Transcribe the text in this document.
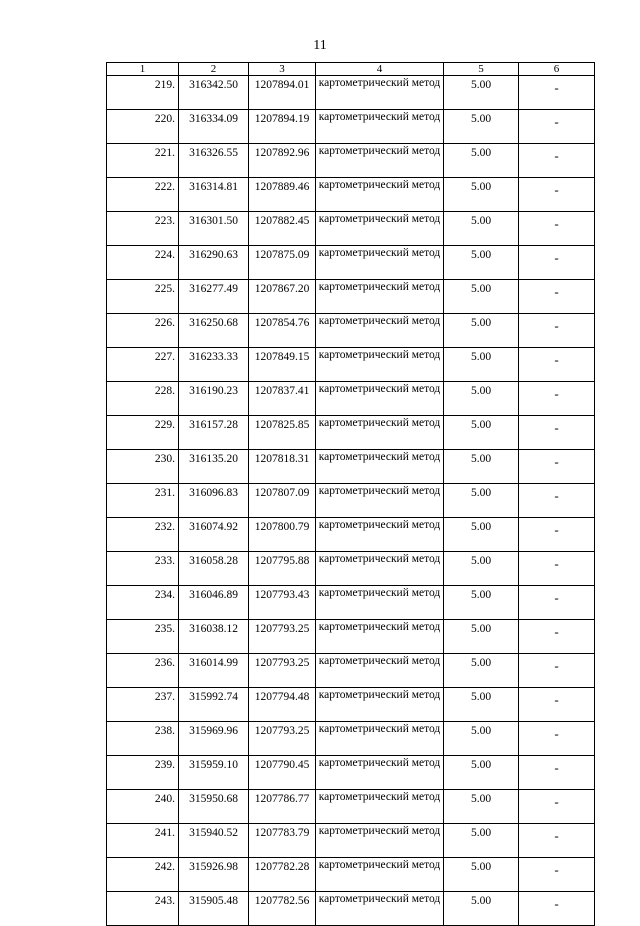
11
1	2	3	4	5	6
219.	316342.50	1207894.01	картометрический метод	5.00	-
220.	316334.09	1207894.19	картометрический метод	5.00	-
221.	316326.55	1207892.96	картометрический метод	5.00	-
222.	316314.81	1207889.46	картометрический метод	5.00	-
223.	316301.50	1207882.45	картометрический метод	5.00	-
224.	316290.63	1207875.09	картометрический метод	5.00	-
225.	316277.49	1207867.20	картометрический метод	5.00	-
226.	316250.68	1207854.76	картометрический метод	5.00	-
227.	316233.33	1207849.15	картометрический метод	5.00	-
228.	316190.23	1207837.41	картометрический метод	5.00	-
229.	316157.28	1207825.85	картометрический метод	5.00	-
230.	316135.20	1207818.31	картометрический метод	5.00	-
231.	316096.83	1207807.09	картометрический метод	5.00	-
232.	316074.92	1207800.79	картометрический метод	5.00	-
233.	316058.28	1207795.88	картометрический метод	5.00	-
234.	316046.89	1207793.43	картометрический метод	5.00	-
235.	316038.12	1207793.25	картометрический метод	5.00	-
236.	316014.99	1207793.25	картометрический метод	5.00	-
237.	315992.74	1207794.48	картометрический метод	5.00	-
238.	315969.96	1207793.25	картометрический метод	5.00	-
239.	315959.10	1207790.45	картометрический метод	5.00	-
240.	315950.68	1207786.77	картометрический метод	5.00	-
241.	315940.52	1207783.79	картометрический метод	5.00	-
242.	315926.98	1207782.28	картометрический метод	5.00	-
243.	315905.48	1207782.56	картометрический метод	5.00	-
